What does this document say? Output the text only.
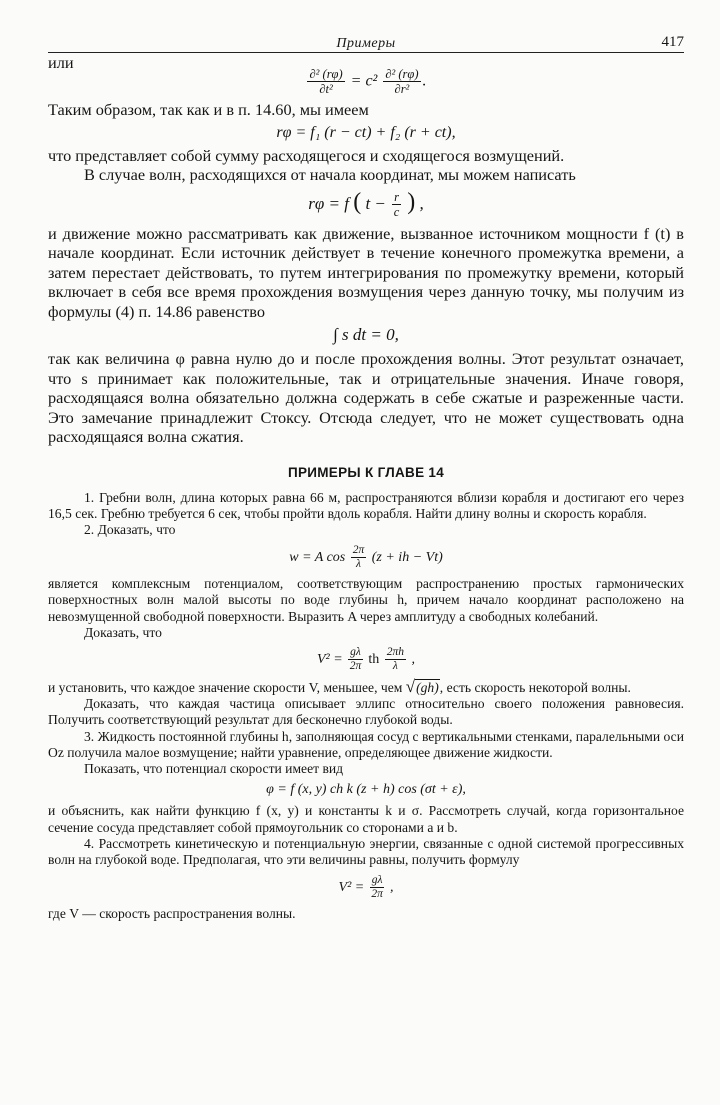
Примеры	417

или

$\frac{\text{∂² (rφ)}}{\text{∂t²}} = c^2 \frac{\text{∂² (rφ)}}{\text{∂r²}}$ .

Таким образом, так как и в п. 14.60, мы имеем

rφ = f₁ (r − ct) + f₂ (r + ct),

что представляет собой сумму расходящегося и сходящегося возмущений.

В случае волн, расходящихся от начала координат, мы можем написать

rφ = f ( $t - \frac{r}{c}$ ) ,

и движение можно рассматривать как движение, вызванное источником мощности f (t) в начале координат. Если источник действует в течение конечного промежутка времени, а затем перестает действовать, то путем интегрирования по промежутку времени, который включает в себя все время прохождения возмущения через данную точку, мы получим из формулы (4) п. 14.86 равенство

∫ s dt = 0,

так как величина φ равна нулю до и после прохождения волны. Этот результат означает, что s принимает как положительные, так и отрицательные значения. Иначе говоря, расходящаяся волна обязательно должна содержать в себе сжатые и разреженные части. Это замечание принадлежит Стоксу. Отсюда следует, что не может существовать одна расходящаяся волна сжатия.

ПРИМЕРЫ К ГЛАВЕ 14

1. Гребни волн, длина которых равна 66 м, распространяются вблизи корабля и достигают его через 16,5 сек. Гребню требуется 6 сек, чтобы пройти вдоль корабля. Найти длину волны и скорость корабля.

2. Доказать, что

w = A $\cos \frac{2\pi}{\lambda} (z$ + ih − Vt)

является комплексным потенциалом, соответствующим распространению простых гармонических поверхностных волн малой высоты по воде глубины h, причем начало координат расположено на невозмущенной свободной поверхности. Выразить A через амплитуду a свободных колебаний.

Доказать, что

$V^2 = \frac{g\lambda}{2\pi}$ th $\frac{2\pi h}{\lambda}$ ,

и установить, что каждое значение скорости V, меньшее, чем √(gh), есть скорость некоторой волны.

Доказать, что каждая частица описывает эллипс относительно своего положения равновесия. Получить соответствующий результат для бесконечно глубокой воды.

3. Жидкость постоянной глубины h, заполняющая сосуд с вертикальными стенками, паралельными оси Oz получила малое возмущение; найти уравнение, определяющее движение жидкости.

Показать, что потенциал скорости имеет вид

φ = f (x, y) ch k (z + h) cos (σt + ε),

и объяснить, как найти функцию f (x, y) и константы k и σ. Рассмотреть случай, когда горизонтальное сечение сосуда представляет собой прямоугольник со сторонами a и b.

4. Рассмотреть кинетическую и потенциальную энергии, связанные с одной системой прогрессивных волн на глубокой воде. Предполагая, что эти величины равны, получить формулу

$V^2 = \frac{g\lambda}{2\pi}$ ,

где V — скорость распространения волны.
